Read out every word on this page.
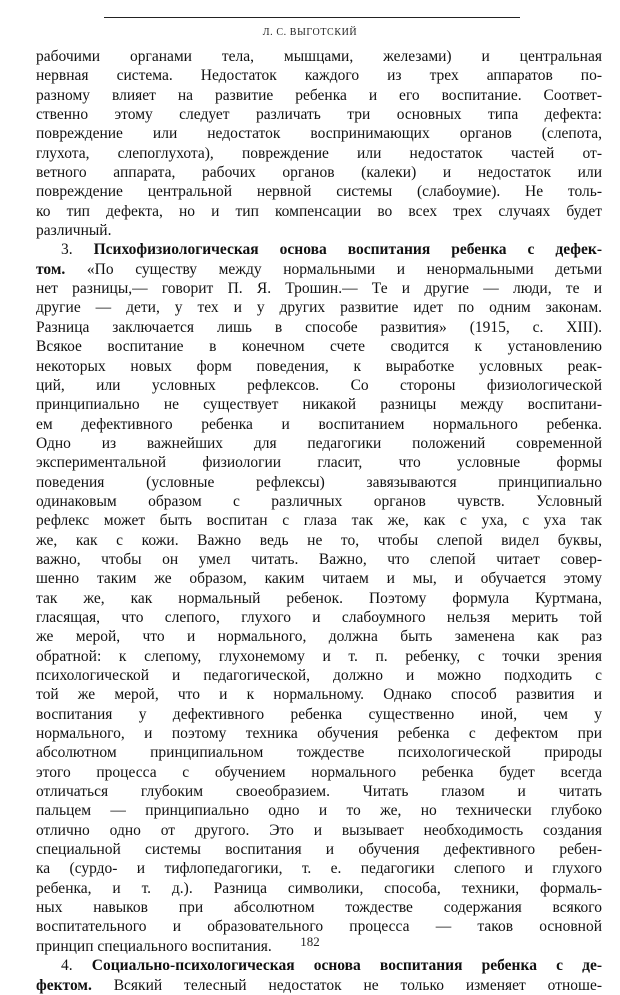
Л. С. ВЫГОТСКИЙ
рабочими органами тела, мышцами, железами) и центральная
нервная система. Недостаток каждого из трех аппаратов по-
разному влияет на развитие ребенка и его воспитание. Соответ-
ственно этому следует различать три основных типа дефекта:
повреждение или недостаток воспринимающих органов (слепота,
глухота, слепоглухота), повреждение или недостаток частей от-
ветного аппарата, рабочих органов (калеки) и недостаток или
повреждение центральной нервной системы (слабоумие). Не толь-
ко тип дефекта, но и тип компенсации во всех трех случаях будет
различный.
3. Психофизиологическая основа воспитания ребенка с дефек-
том. «По существу между нормальными и ненормальными детьми
нет разницы,— говорит П. Я. Трошин.— Те и другие — люди, те и
другие — дети, у тех и у других развитие идет по одним законам.
Разница заключается лишь в способе развития» (1915, с. XIII).
Всякое воспитание в конечном счете сводится к установлению
некоторых новых форм поведения, к выработке условных реак-
ций, или условных рефлексов. Со стороны физиологической
принципиально не существует никакой разницы между воспитани-
ем дефективного ребенка и воспитанием нормального ребенка.
Одно из важнейших для педагогики положений современной
экспериментальной физиологии гласит, что условные формы
поведения (условные рефлексы) завязываются принципиально
одинаковым образом с различных органов чувств. Условный
рефлекс может быть воспитан с глаза так же, как с уха, с уха так
же, как с кожи. Важно ведь не то, чтобы слепой видел буквы,
важно, чтобы он умел читать. Важно, что слепой читает совер-
шенно таким же образом, каким читаем и мы, и обучается этому
так же, как нормальный ребенок. Поэтому формула Куртмана,
гласящая, что слепого, глухого и слабоумного нельзя мерить той
же мерой, что и нормального, должна быть заменена как раз
обратной: к слепому, глухонемому и т. п. ребенку, с точки зрения
психологической и педагогической, должно и можно подходить с
той же мерой, что и к нормальному. Однако способ развития и
воспитания у дефективного ребенка существенно иной, чем у
нормального, и поэтому техника обучения ребенка с дефектом при
абсолютном принципиальном тождестве психологической природы
этого процесса с обучением нормального ребенка будет всегда
отличаться глубоким своеобразием. Читать глазом и читать
пальцем — принципиально одно и то же, но технически глубоко
отлично одно от другого. Это и вызывает необходимость создания
специальной системы воспитания и обучения дефективного ребен-
ка (сурдо- и тифлопедагогики, т. е. педагогики слепого и глухого
ребенка, и т. д.). Разница символики, способа, техники, формаль-
ных навыков при абсолютном тождестве содержания всякого
воспитательного и образовательного процесса — таков основной
принцип специального воспитания.
4. Социально-психологическая основа воспитания ребенка с де-
фектом. Всякий телесный недостаток не только изменяет отноше-
182
